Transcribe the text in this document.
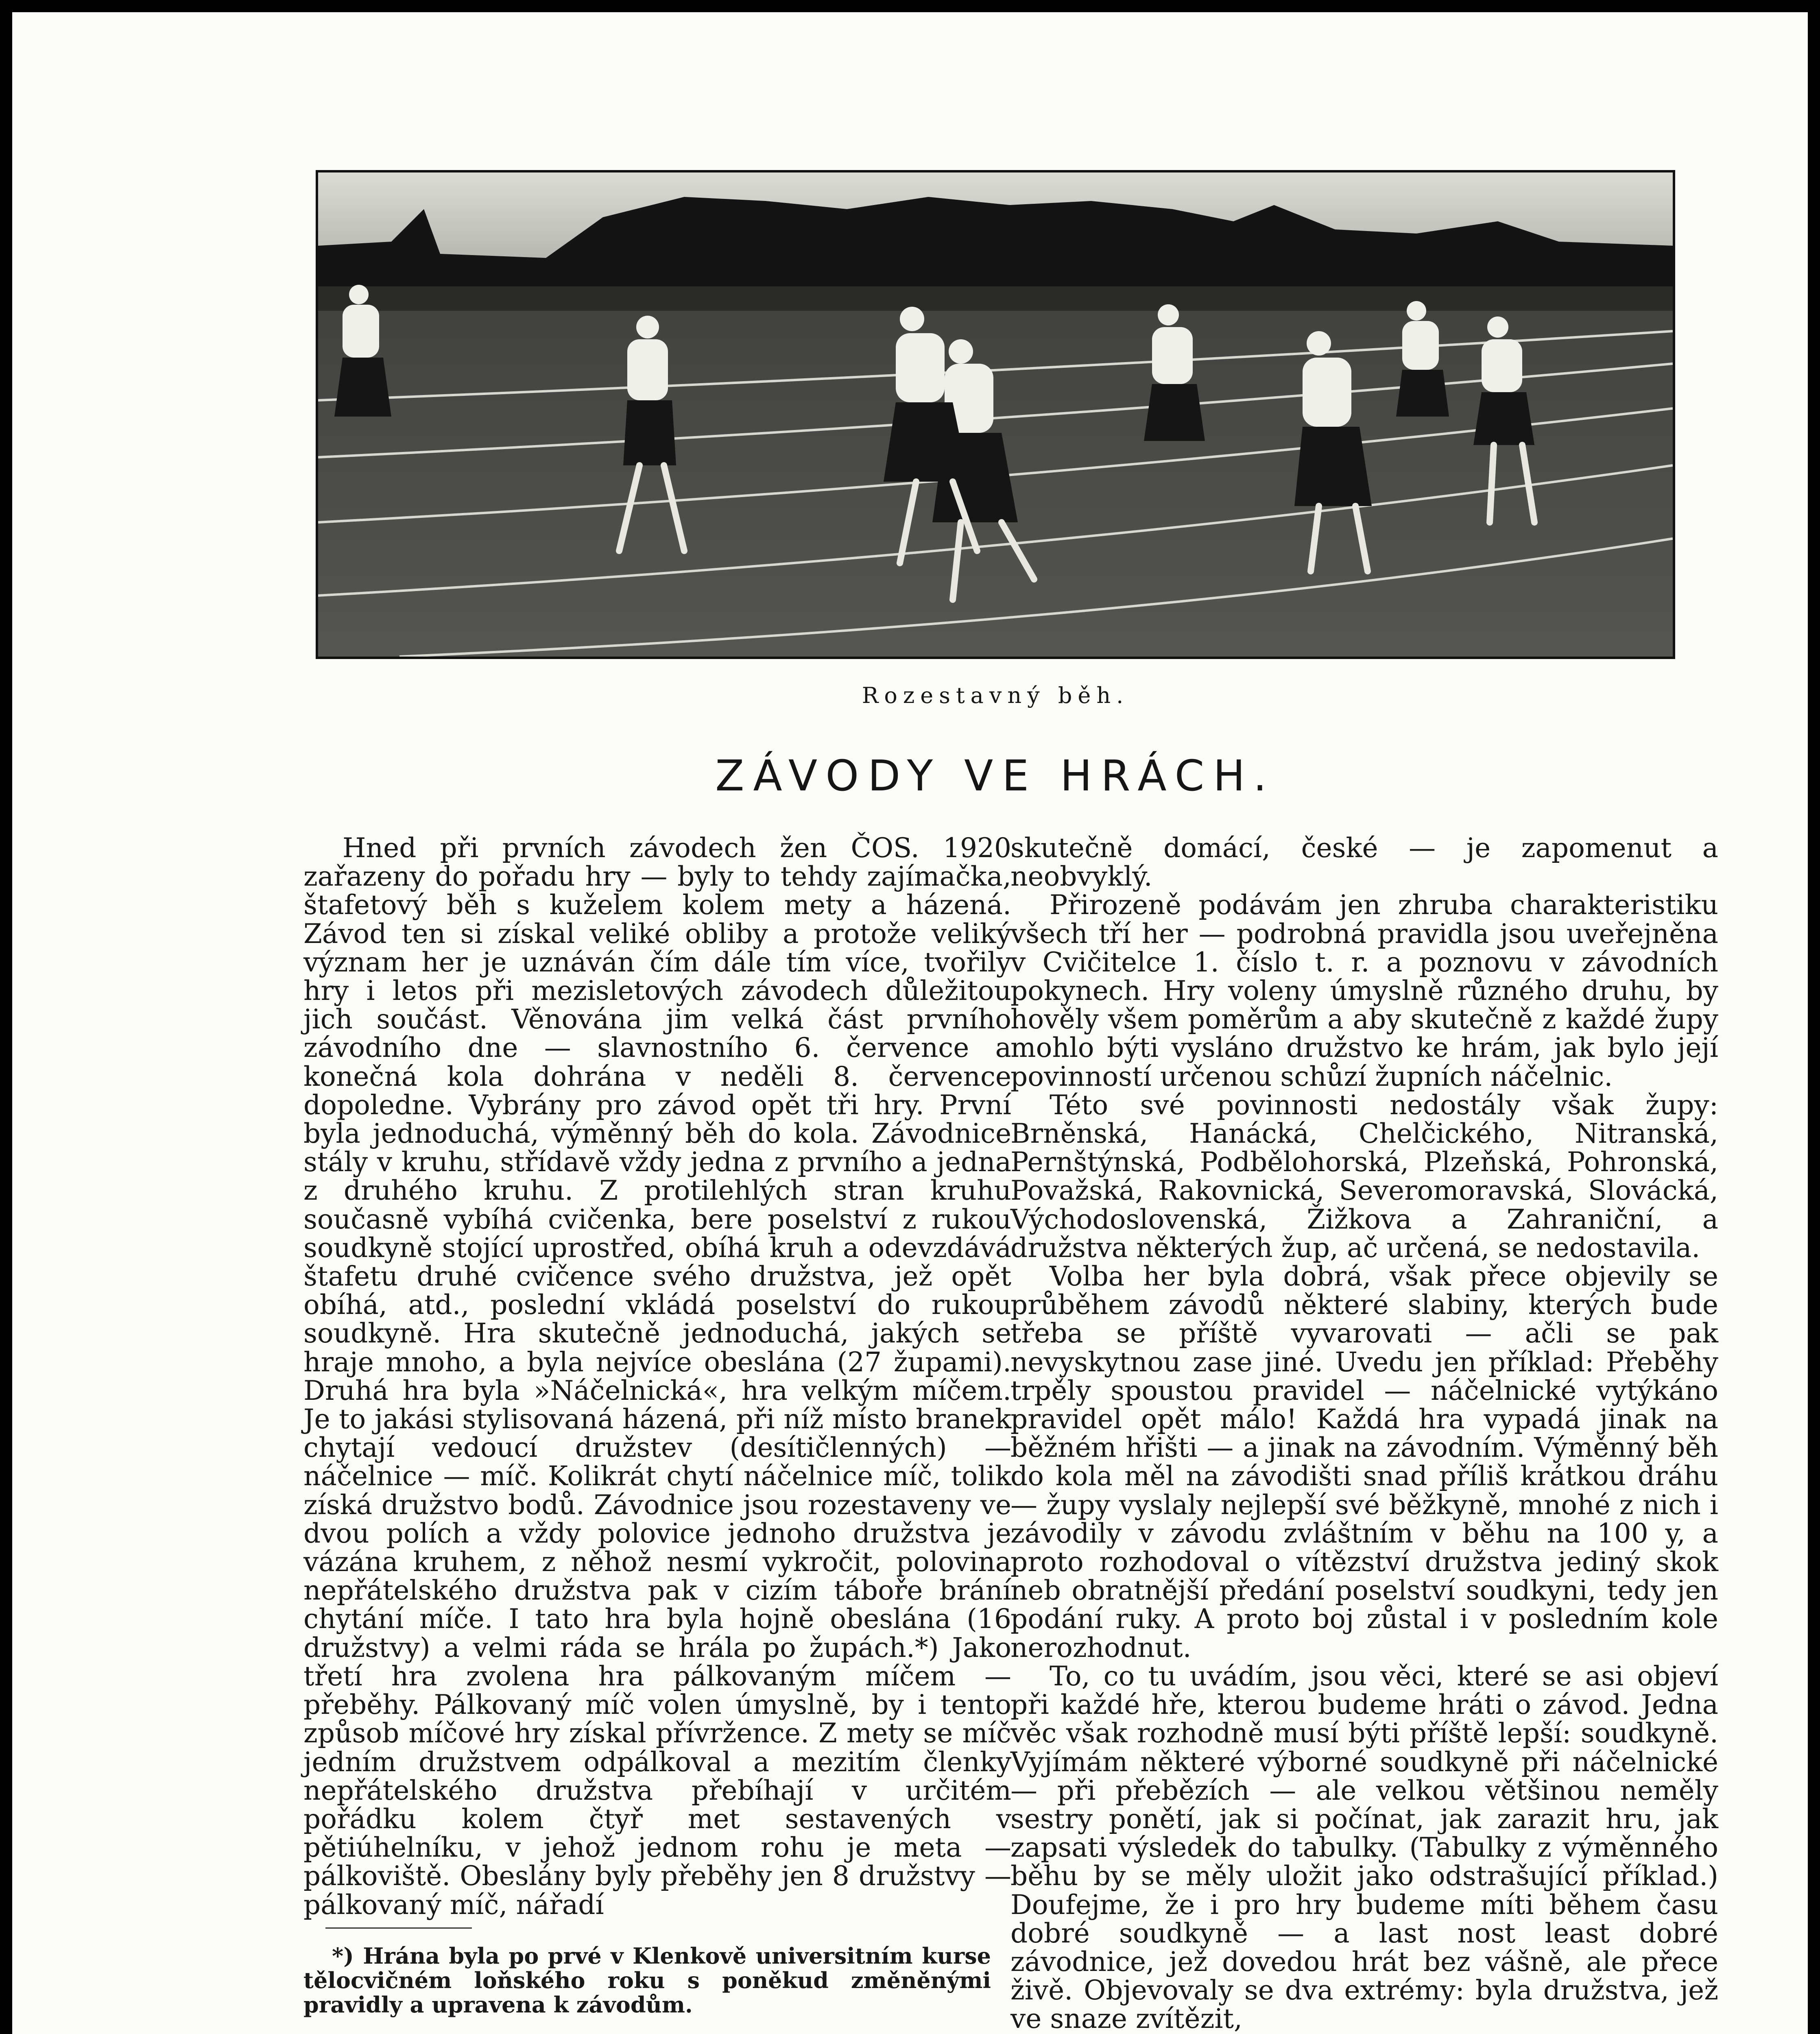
Rozestavný běh.
ZÁVODY VE HRÁCH.

Hned při prvních závodech žen ČOS. 1920 zařazeny do pořadu hry — byly to tehdy zajímačka, štafetový běh s kuželem kolem mety a házená. Závod ten si získal veliké obliby a protože veliký význam her je uznáván čím dále tím více, tvořily hry i letos při mezisletových závodech důležitou jich součást. Věnována jim velká část prvního závodního dne — slavnostního 6. července a konečná kola dohrána v neděli 8. července dopoledne. Vybrány pro závod opět tři hry. První byla jednoduchá, výměnný běh do kola. Závodnice stály v kruhu, střídavě vždy jedna z prvního a jedna z druhého kruhu. Z protilehlých stran kruhu současně vybíhá cvičenka, bere poselství z rukou soudkyně stojící uprostřed, obíhá kruh a odevzdává štafetu druhé cvičence svého družstva, jež opět obíhá, atd., poslední vkládá poselství do rukou soudkyně. Hra skutečně jednoduchá, jakých se hraje mnoho, a byla nejvíce obeslána (27 župami). Druhá hra byla »Náčelnická«, hra velkým míčem. Je to jakási stylisovaná házená, při níž místo branek chytají vedoucí družstev (desítičlenných) — náčelnice — míč. Kolikrát chytí náčelnice míč, tolik získá družstvo bodů. Závodnice jsou rozestaveny ve dvou polích a vždy polovice jednoho družstva je vázána kruhem, z něhož nesmí vykročit, polovina nepřátelského družstva pak v cizím táboře brání chytání míče. I tato hra byla hojně obeslána (16 družstvy) a velmi ráda se hrála po župách.*) Jako třetí hra zvolena hra pálkovaným míčem — přeběhy. Pálkovaný míč volen úmyslně, by i tento způsob míčové hry získal přívržence. Z mety se míč jedním družstvem odpálkoval a mezitím členky nepřátelského družstva přebíhají v určitém pořádku kolem čtyř met sestavených v pětiúhelníku, v jehož jednom rohu je meta — pálkoviště. Obeslány byly přeběhy jen 8 družstvy — pálkovaný míč, nářadí

skutečně domácí, české — je zapomenut a neobvyklý.

Přirozeně podávám jen zhruba charakteristiku všech tří her — podrobná pravidla jsou uveřejněna v Cvičitelce 1. číslo t. r. a poznovu v závodních pokynech. Hry voleny úmyslně různého druhu, by hověly všem poměrům a aby skutečně z každé župy mohlo býti vysláno družstvo ke hrám, jak bylo její povinností určenou schůzí župních náčelnic.

Této své povinnosti nedostály však župy: Brněnská, Hanácká, Chelčického, Nitranská, Pernštýnská, Podbělohorská, Plzeňská, Pohronská, Považská, Rakovnická, Severomoravská, Slovácká, Východoslovenská, Žižkova a Zahraniční, a družstva některých žup, ač určená, se nedostavila.

Volba her byla dobrá, však přece objevily se průběhem závodů některé slabiny, kterých bude třeba se příště vyvarovati — ačli se pak nevyskytnou zase jiné. Uvedu jen příklad: Přeběhy trpěly spoustou pravidel — náčelnické vytýkáno pravidel opět málo! Každá hra vypadá jinak na běžném hřišti — a jinak na závodním. Výměnný běh do kola měl na závodišti snad příliš krátkou dráhu — župy vyslaly nejlepší své běžkyně, mnohé z nich i závodily v závodu zvláštním v běhu na 100 y, a proto rozhodoval o vítězství družstva jediný skok neb obratnější předání poselství soudkyni, tedy jen podání ruky. A proto boj zůstal i v posledním kole nerozhodnut.

To, co tu uvádím, jsou věci, které se asi objeví při každé hře, kterou budeme hráti o závod. Jedna věc však rozhodně musí býti příště lepší: soudkyně. Vyjímám některé výborné soudkyně při náčelnické — při přebězích — ale velkou většinou neměly sestry ponětí, jak si počínat, jak zarazit hru, jak zapsati výsledek do tabulky. (Tabulky z výměnného běhu by se měly uložit jako odstrašující příklad.) Doufejme, že i pro hry budeme míti během času dobré soudkyně — a last nost least dobré závodnice, jež dovedou hrát bez vášně, ale přece živě. Objevovaly se dva extrémy: byla družstva, jež ve snaze zvítězit,

*) Hrána byla po prvé v Klenkově universitním kurse tělocvičném loňského roku s poněkud změněnými pravidly a upravena k závodům.
